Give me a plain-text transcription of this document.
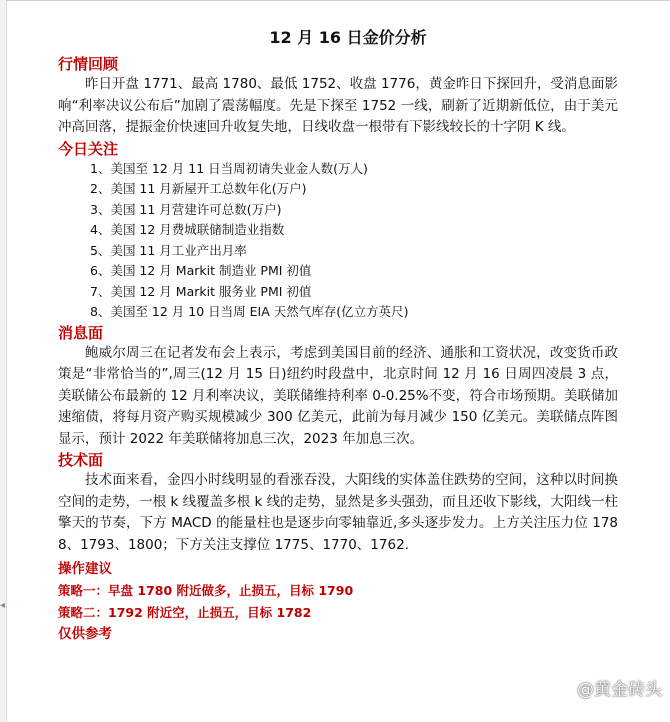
◂
12 月 16 日金价分析
行情回顾

昨日开盘 1771、最高 1780、最低 1752、收盘 1776，黄金昨日下探回升，受消息面影响“利率决议公布后”加剧了震荡幅度。先是下探至 1752 一线，刷新了近期新低位，由于美元冲高回落，提振金价快速回升收复失地，日线收盘一根带有下影线较长的十字阴 K 线。

今日关注
1、美国至 12 月 11 日当周初请失业金人数(万人)
2、美国 11 月新屋开工总数年化(万户)
3、美国 11 月营建许可总数(万户)
4、美国 12 月费城联储制造业指数
5、美国 11 月工业产出月率
6、美国 12 月 Markit 制造业 PMI 初值
7、美国 12 月 Markit 服务业 PMI 初值
8、美国至 12 月 10 日当周 EIA 天然气库存(亿立方英尺)
消息面

鲍威尔周三在记者发布会上表示，考虑到美国目前的经济、通胀和工资状况，改变货币政策是“非常恰当的”,周三(12 月 15 日)纽约时段盘中，北京时间 12 月 16 日周四凌晨 3 点，美联储公布最新的 12 月利率决议，美联储维持利率 0-0.25%不变，符合市场预期。美联储加速缩债，将每月资产购买规模减少 300 亿美元，此前为每月减少 150 亿美元。美联储点阵图显示，预计 2022 年美联储将加息三次，2023 年加息三次。

技术面

技术面来看，金四小时线明显的看涨吞没，大阳线的实体盖住跌势的空间，这种以时间换空间的走势，一根 k 线覆盖多根 k 线的走势，显然是多头强劲，而且还收下影线，大阳线一柱擎天的节奏，下方 MACD 的能量柱也是逐步向零轴靠近,多头逐步发力。上方关注压力位 1788、1793、1800；下方关注支撑位 1775、1770、1762.

操作建议

策略一：早盘 1780 附近做多，止损五，目标 1790

策略二：1792 附近空，止损五，目标 1782

仅供参考

@黄金砖头
